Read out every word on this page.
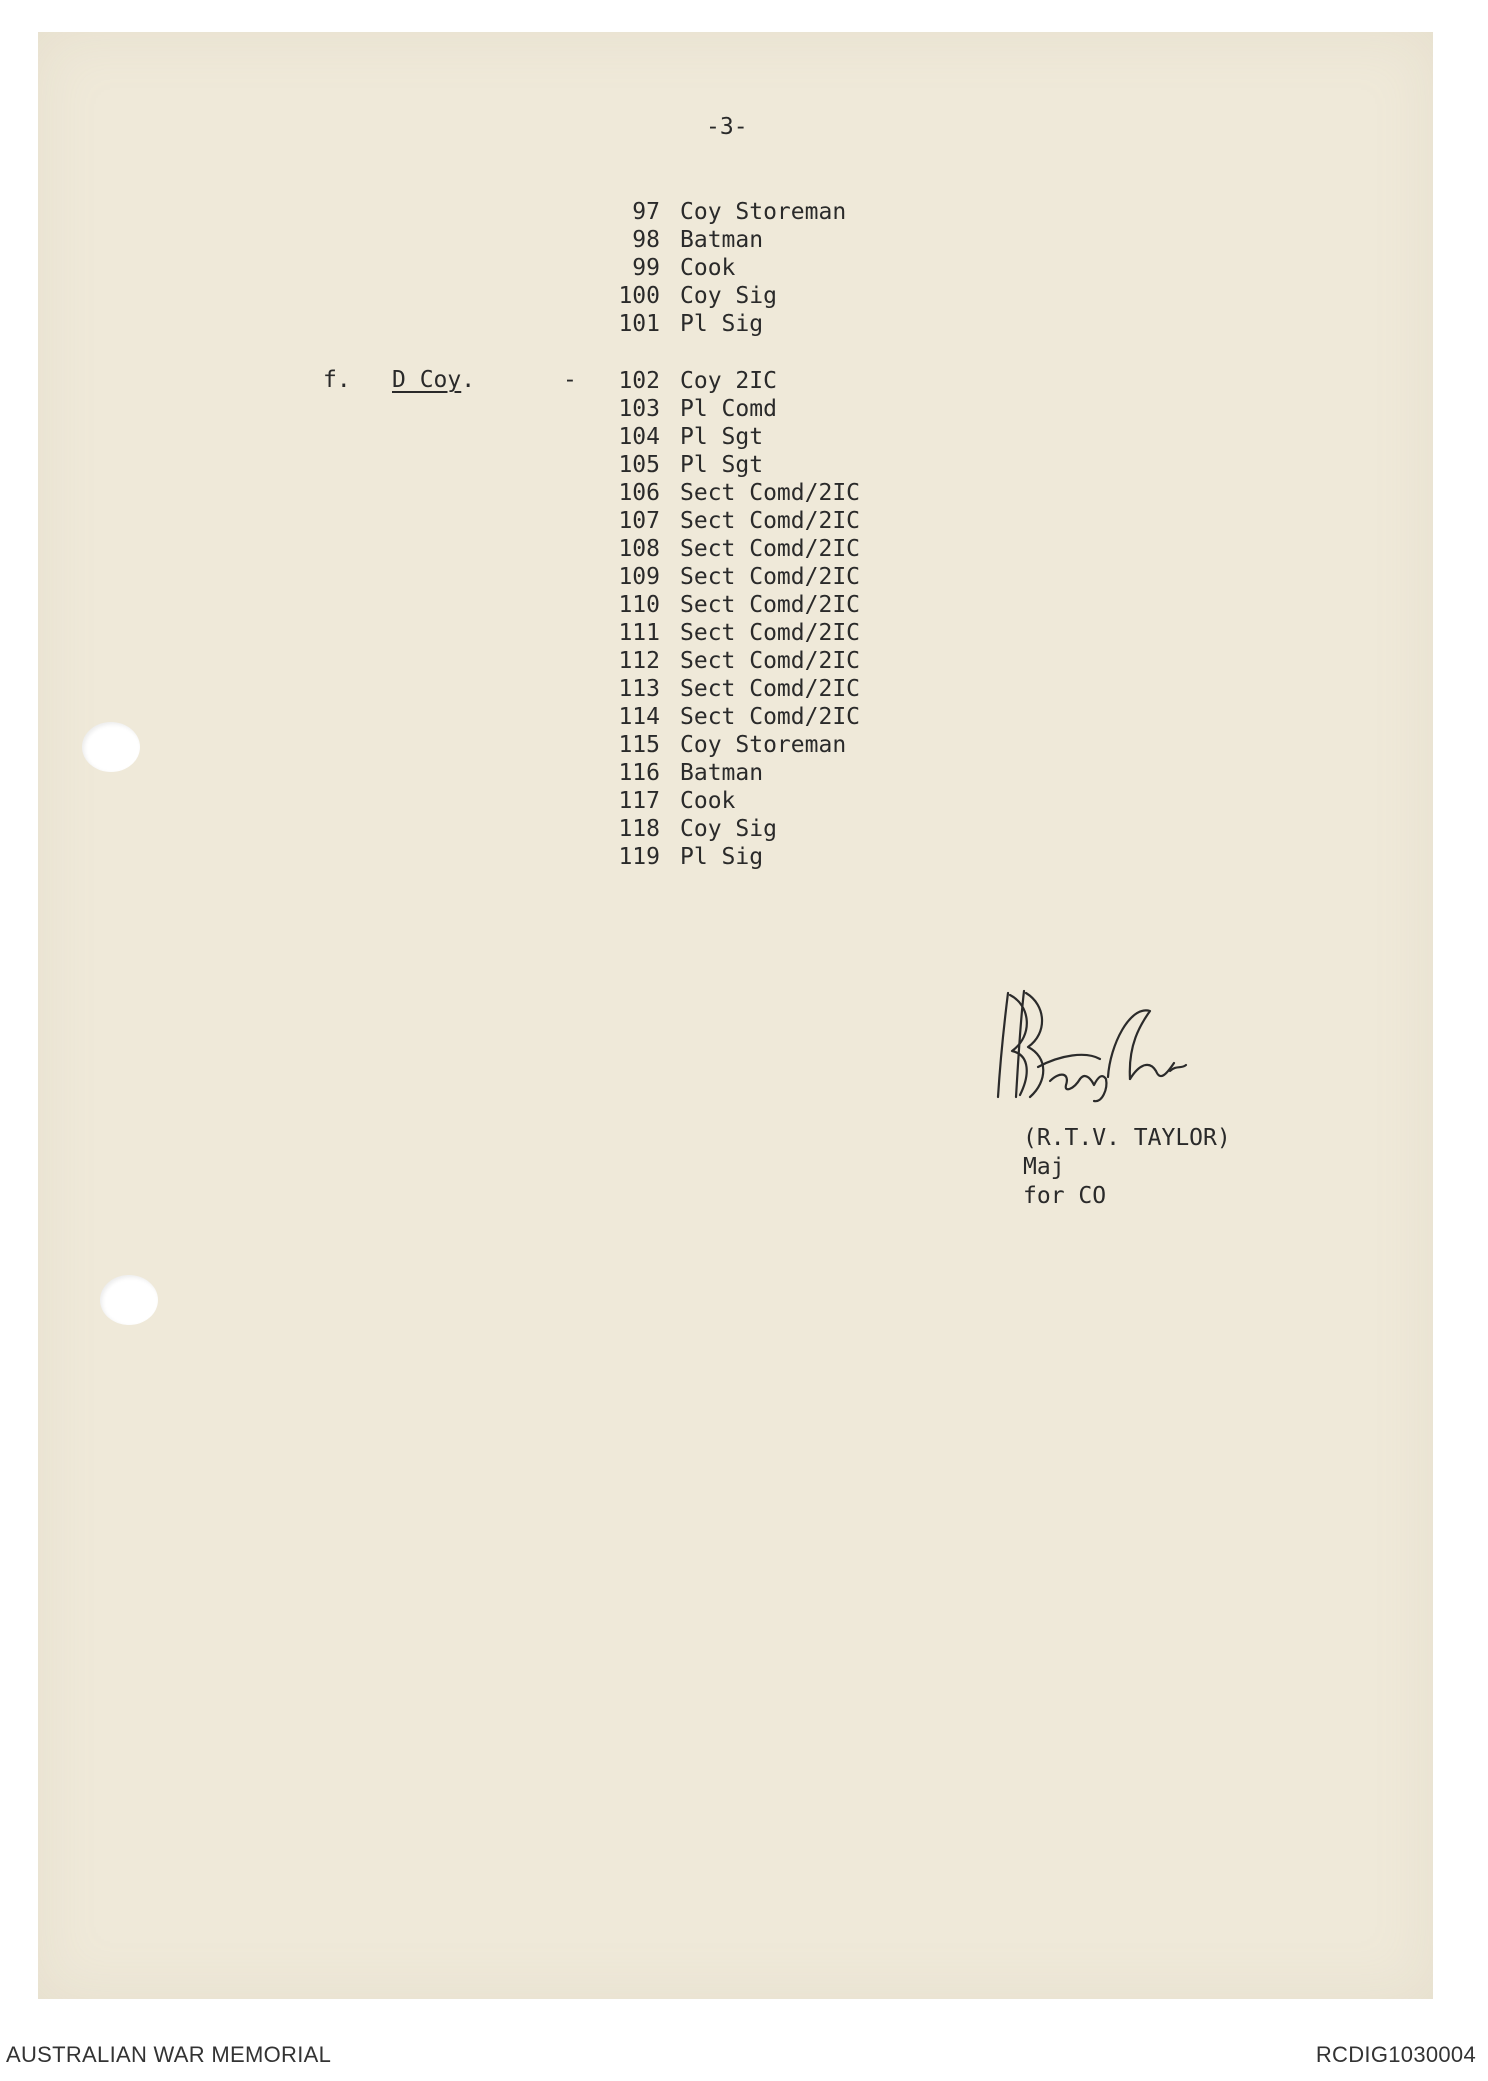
-3-
97 Coy Storeman
98 Batman
99 Cook
100 Coy Sig
101 Pl Sig
102 Coy 2IC
103 Pl Comd
104 Pl Sgt
105 Pl Sgt
106 Sect Comd/2IC
107 Sect Comd/2IC
108 Sect Comd/2IC
109 Sect Comd/2IC
110 Sect Comd/2IC
111 Sect Comd/2IC
112 Sect Comd/2IC
113 Sect Comd/2IC
114 Sect Comd/2IC
115 Coy Storeman
116 Batman
117 Cook
118 Coy Sig
119 Pl Sig
f. D Coy.	-
(R.T.V. TAYLOR)
Maj
for CO
AUSTRALIAN WAR MEMORIAL	RCDIG1030004
